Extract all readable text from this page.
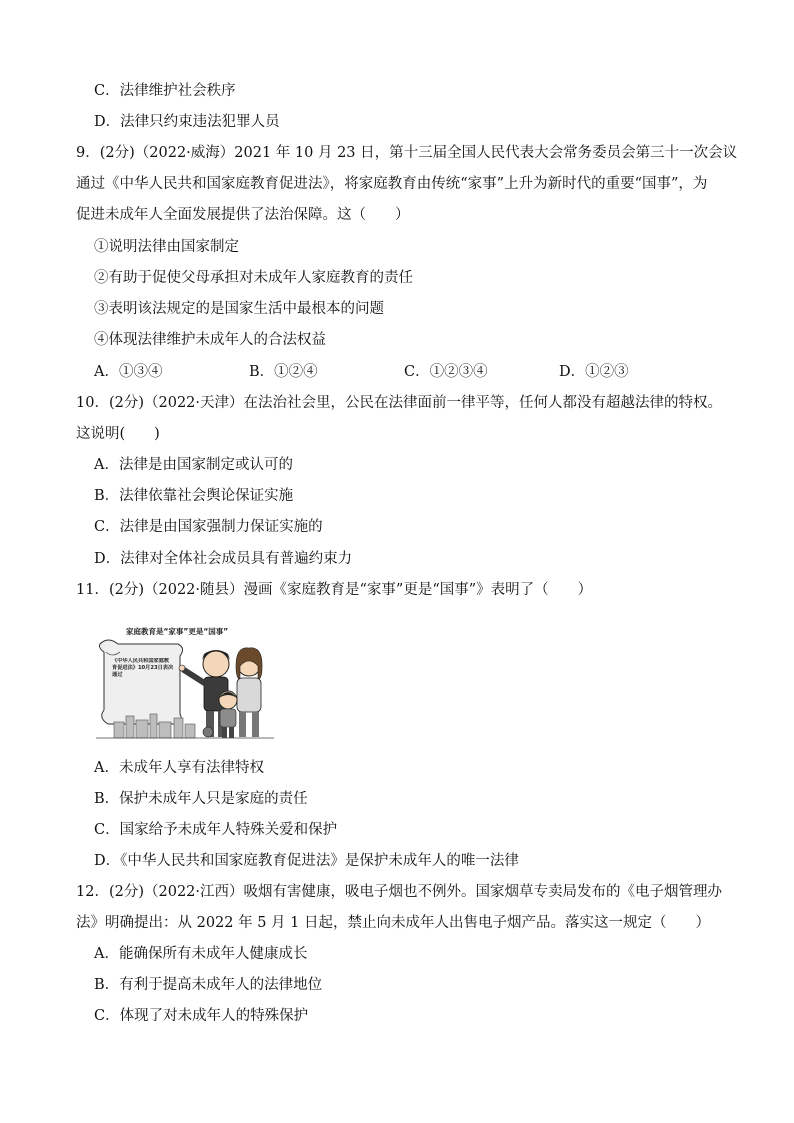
C．法律维护社会秩序
D．法律只约束违法犯罪人员
9．(2分)（2022·威海）2021 年 10 月 23 日，第十三届全国人民代表大会常务委员会第三十一次会议
通过《中华人民共和国家庭教育促进法》，将家庭教育由传统“家事”上升为新时代的重要“国事”，为
促进未成年人全面发展提供了法治保障。这（　　）
①说明法律由国家制定
②有助于促使父母承担对未成年人家庭教育的责任
③表明该法规定的是国家生活中最根本的问题
④体现法律维护未成年人的合法权益
A．①③④	B．①②④	C．①②③④	D．①②③
10．(2分)（2022·天津）在法治社会里，公民在法律面前一律平等，任何人都没有超越法律的特权。
这说明(　　)
A．法律是由国家制定或认可的
B．法律依靠社会舆论保证实施
C．法律是由国家强制力保证实施的
D．法律对全体社会成员具有普遍约束力
11．(2分)（2022·随县）漫画《家庭教育是“家事”更是“国事”》表明了（　　）
家庭教育是“家事”更是“国事”
《中华人民共和国家庭教育促进法》10月23日表决通过
A．未成年人享有法律特权
B．保护未成年人只是家庭的责任
C．国家给予未成年人特殊关爱和保护
D．《中华人民共和国家庭教育促进法》是保护未成年人的唯一法律
12．(2分)（2022·江西）吸烟有害健康，吸电子烟也不例外。国家烟草专卖局发布的《电子烟管理办
法》明确提出：从 2022 年 5 月 1 日起，禁止向未成年人出售电子烟产品。落实这一规定（　　）
A．能确保所有未成年人健康成长
B．有利于提高未成年人的法律地位
C．体现了对未成年人的特殊保护
